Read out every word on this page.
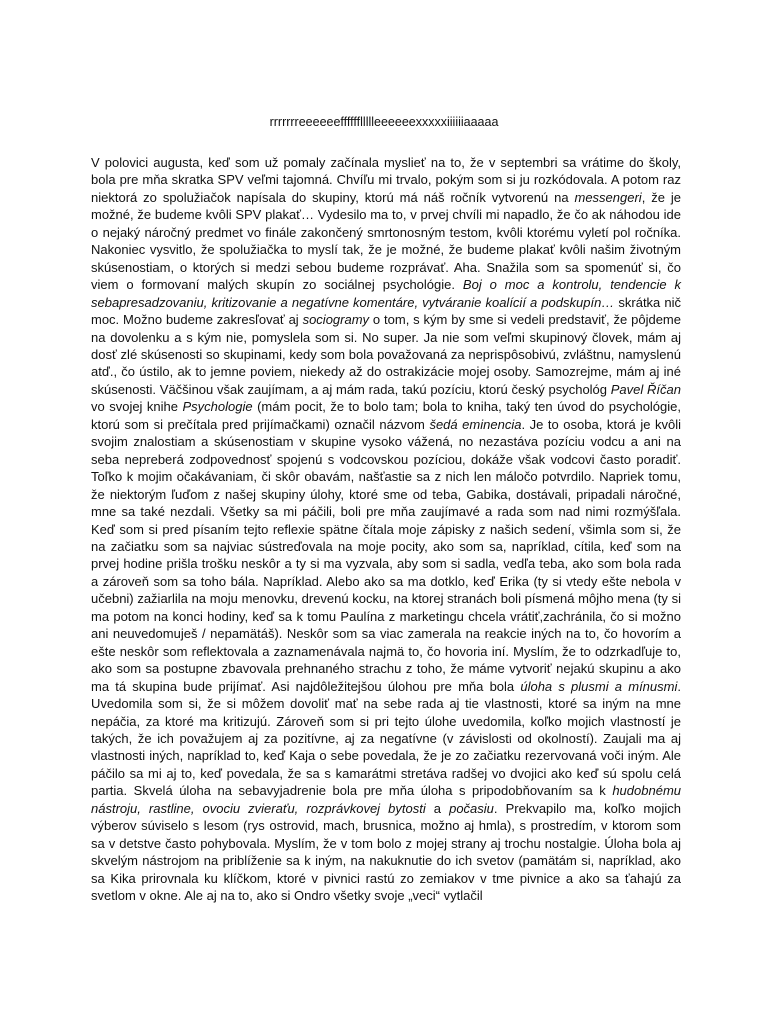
rrrrrrreeeeeeffffffllllleeeeeexxxxxiiiiiiaaaaa

V polovici augusta, keď som už pomaly začínala myslieť na to, že v septembri sa vrátime do školy, bola pre mňa skratka SPV veľmi tajomná. Chvíľu mi trvalo, pokým som si ju rozkódovala. A potom raz niektorá zo spolužiačok napísala do skupiny, ktorú má náš ročník vytvorenú na messengeri, že je možné, že budeme kvôli SPV plakať… Vydesilo ma to, v prvej chvíli mi napadlo, že čo ak náhodou ide o nejaký náročný predmet vo finále zakončený smrtonosným testom, kvôli ktorému vyletí pol ročníka. Nakoniec vysvitlo, že spolužiačka to myslí tak, že je možné, že budeme plakať kvôli našim životným skúsenostiam, o ktorých si medzi sebou budeme rozprávať. Aha. Snažila som sa spomenúť si, čo viem o formovaní malých skupín zo sociálnej psychológie. Boj o moc a kontrolu, tendencie k sebapresadzovaniu, kritizovanie a negatívne komentáre, vytváranie koalícií a podskupín… skrátka nič moc. Možno budeme zakresľovať aj sociogramy o tom, s kým by sme si vedeli predstaviť, že pôjdeme na dovolenku a s kým nie, pomyslela som si. No super. Ja nie som veľmi skupinový človek, mám aj dosť zlé skúsenosti so skupinami, kedy som bola považovaná za neprispôsobivú, zvláštnu, namyslenú atď., čo ústilo, ak to jemne poviem, niekedy až do ostrakizácie mojej osoby. Samozrejme, mám aj iné skúsenosti. Väčšinou však zaujímam, a aj mám rada, takú pozíciu, ktorú český psychológ Pavel Říčan vo svojej knihe Psychologie (mám pocit, že to bolo tam; bola to kniha, taký ten úvod do psychológie, ktorú som si prečítala pred prijímačkami) označil názvom šedá eminencia. Je to osoba, ktorá je kvôli svojim znalostiam a skúsenostiam v skupine vysoko vážená, no nezastáva pozíciu vodcu a ani na seba nepreberá zodpovednosť spojenú s vodcovskou pozíciou, dokáže však vodcovi často poradiť. Toľko k mojim očakávaniam, či skôr obavám, našťastie sa z nich len máločo potvrdilo. Napriek tomu, že niektorým ľuďom z našej skupiny úlohy, ktoré sme od teba, Gabika, dostávali, pripadali náročné, mne sa také nezdali. Všetky sa mi páčili, boli pre mňa zaujímavé a rada som nad nimi rozmýšľala. Keď som si pred písaním tejto reflexie spätne čítala moje zápisky z našich sedení, všimla som si, že na začiatku som sa najviac sústreďovala na moje pocity, ako som sa, napríklad, cítila, keď som na prvej hodine prišla trošku neskôr a ty si ma vyzvala, aby som si sadla, vedľa teba, ako som bola rada a zároveň som sa toho bála. Napríklad. Alebo ako sa ma dotklo, keď Erika (ty si vtedy ešte nebola v učebni) zažiarlila na moju menovku, drevenú kocku, na ktorej stranách boli písmená môjho mena (ty si ma potom na konci hodiny, keď sa k tomu Paulína z marketingu chcela vrátiť,zachránila, čo si možno ani neuvedomuješ / nepamätáš). Neskôr som sa viac zamerala na reakcie iných na to, čo hovorím a ešte neskôr som reflektovala a zaznamenávala najmä to, čo hovoria iní. Myslím, že to odzrkadľuje to, ako som sa postupne zbavovala prehnaného strachu z toho, že máme vytvoriť nejakú skupinu a ako ma tá skupina bude prijímať. Asi najdôležitejšou úlohou pre mňa bola úloha s plusmi a mínusmi. Uvedomila som si, že si môžem dovoliť mať na sebe rada aj tie vlastnosti, ktoré sa iným na mne nepáčia, za ktoré ma kritizujú. Zároveň som si pri tejto úlohe uvedomila, koľko mojich vlastností je takých, že ich považujem aj za pozitívne, aj za negatívne (v závislosti od okolností). Zaujali ma aj vlastnosti iných, napríklad to, keď Kaja o sebe povedala, že je zo začiatku rezervovaná voči iným. Ale páčilo sa mi aj to, keď povedala, že sa s kamarátmi stretáva radšej vo dvojici ako keď sú spolu celá partia. Skvelá úloha na sebavyjadrenie bola pre mňa úloha s pripodobňovaním sa k hudobnému nástroju, rastline, ovociu zvieraťu, rozprávkovej bytosti a počasiu. Prekvapilo ma, koľko mojich výberov súviselo s lesom (rys ostrovid, mach, brusnica, možno aj hmla), s prostredím, v ktorom som sa v detstve často pohybovala. Myslím, že v tom bolo z mojej strany aj trochu nostalgie. Úloha bola aj skvelým nástrojom na priblíženie sa k iným, na nakuknutie do ich svetov (pamätám si, napríklad, ako sa Kika prirovnala ku klíčkom, ktoré v pivnici rastú zo zemiakov v tme pivnice a ako sa ťahajú za svetlom v okne. Ale aj na to, ako si Ondro všetky svoje „veci“ vytlačil
